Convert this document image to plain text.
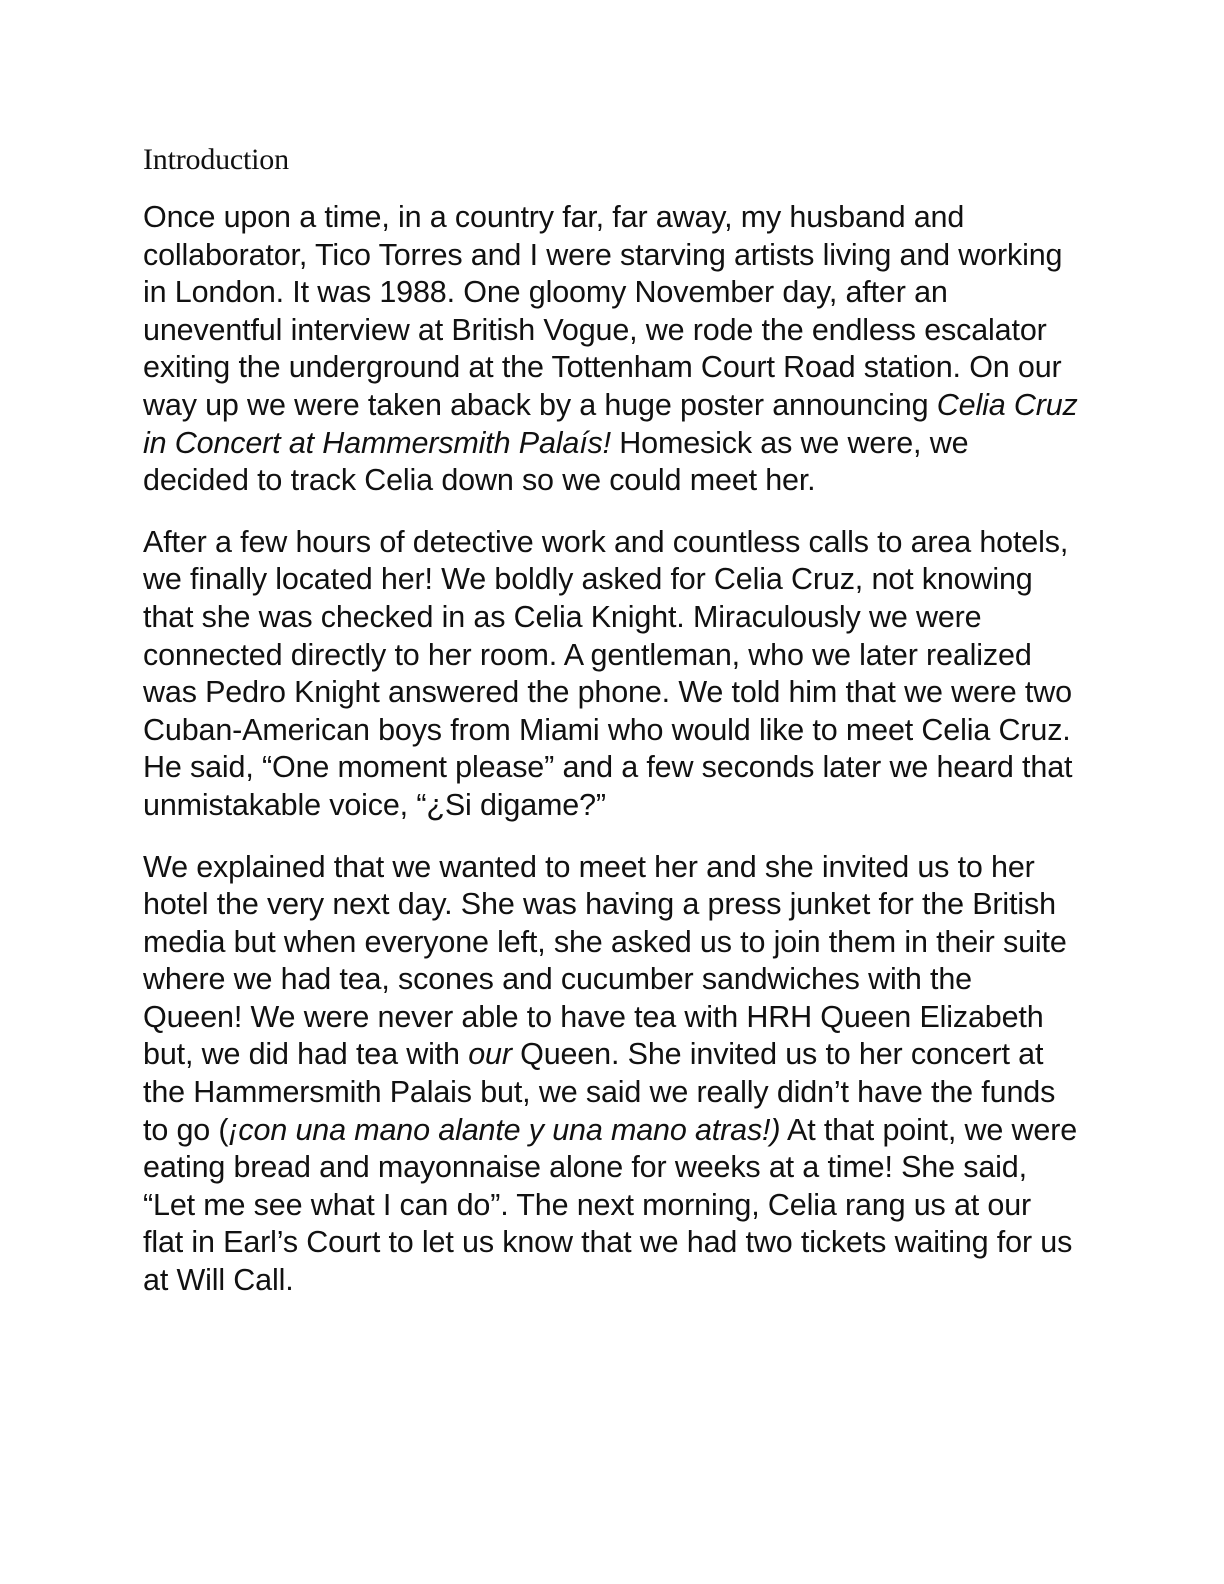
Introduction

Once upon a time, in a country far, far away, my husband and collaborator, Tico Torres and I were starving artists living and working in London. It was 1988. One gloomy November day, after an uneventful interview at British Vogue, we rode the endless escalator exiting the underground at the Tottenham Court Road station. On our way up we were taken aback by a huge poster announcing Celia Cruz in Concert at Hammersmith Palaís! Homesick as we were, we decided to track Celia down so we could meet her.

After a few hours of detective work and countless calls to area hotels, we finally located her! We boldly asked for Celia Cruz, not knowing that she was checked in as Celia Knight. Miraculously we were connected directly to her room. A gentleman, who we later realized was Pedro Knight answered the phone. We told him that we were two Cuban-American boys from Miami who would like to meet Celia Cruz. He said, “One moment please” and a few seconds later we heard that unmistakable voice, “¿Si digame?”

We explained that we wanted to meet her and she invited us to her hotel the very next day. She was having a press junket for the British media but when everyone left, she asked us to join them in their suite where we had tea, scones and cucumber sandwiches with the Queen! We were never able to have tea with HRH Queen Elizabeth but, we did had tea with our Queen. She invited us to her concert at the Hammersmith Palais but, we said we really didn’t have the funds to go (¡con una mano alante y una mano atras!) At that point, we were eating bread and mayonnaise alone for weeks at a time! She said, “Let me see what I can do”. The next morning, Celia rang us at our flat in Earl’s Court to let us know that we had two tickets waiting for us at Will Call.
